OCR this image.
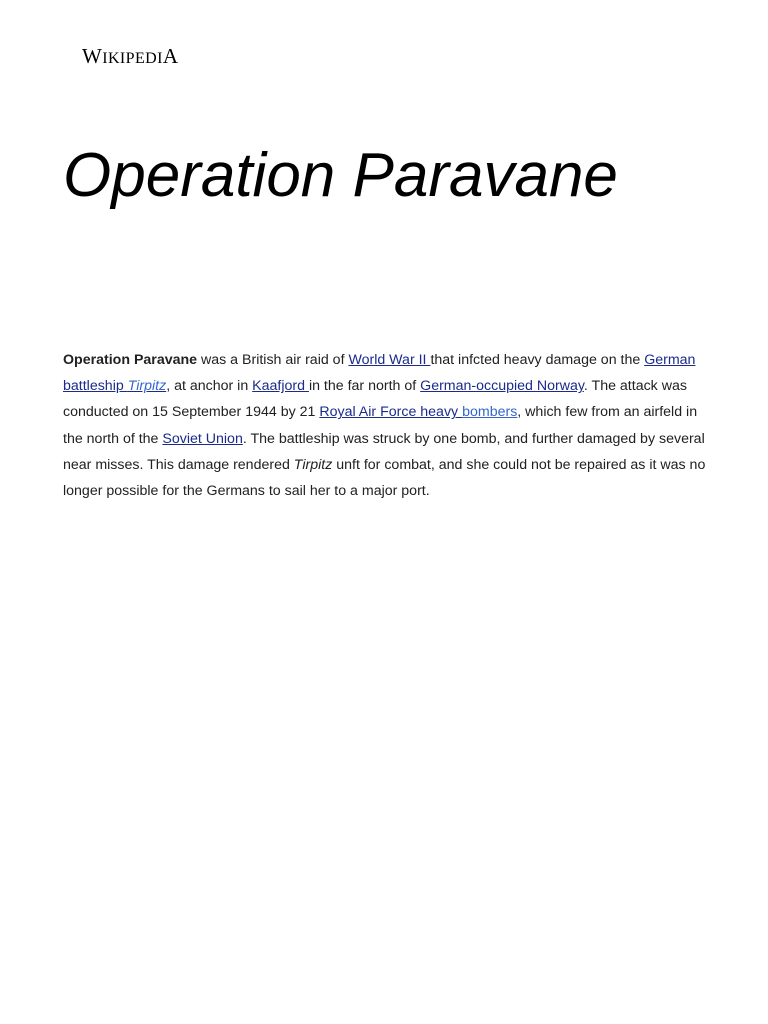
WIKIPEDIA
Operation Paravane

Operation Paravane was a British air raid of World War II that infcted heavy damage on the German battleship Tirpitz, at anchor in Kaafjord in the far north of German-occupied Norway. The attack was conducted on 15 September 1944 by 21 Royal Air Force heavy bombers, which few from an airfeld in the north of the Soviet Union. The battleship was struck by one bomb, and further damaged by several near misses. This damage rendered Tirpitz unft for combat, and she could not be repaired as it was no longer possible for the Germans to sail her to a major port.
